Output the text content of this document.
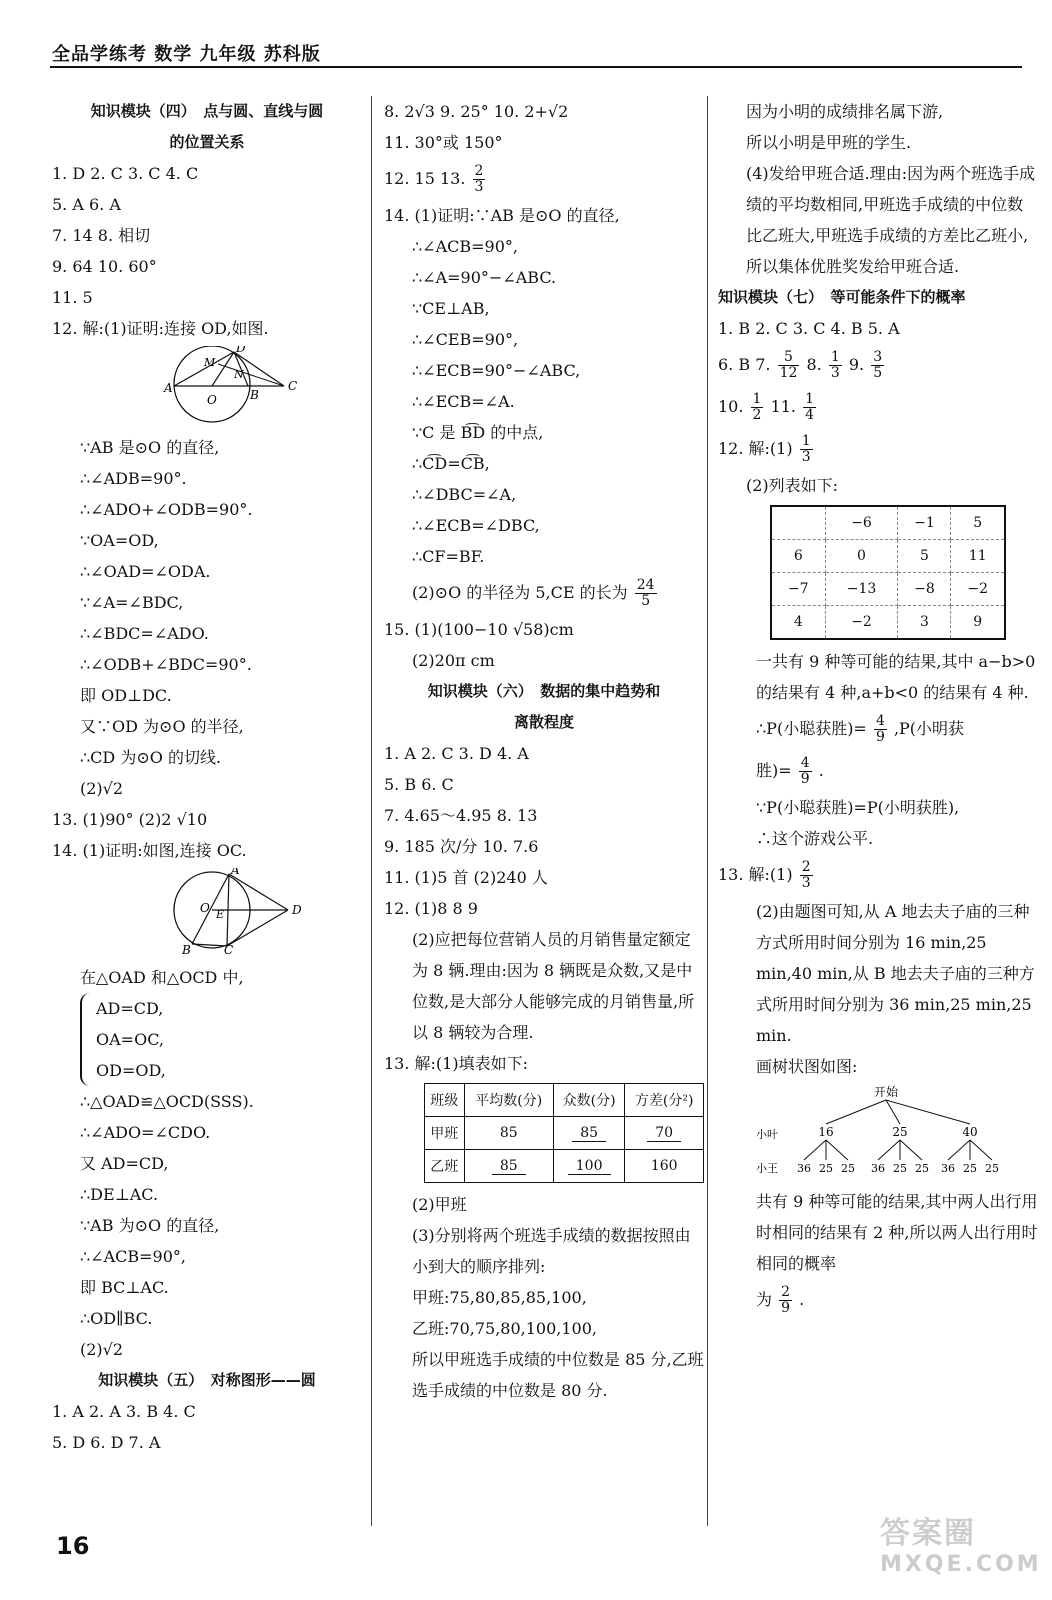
全品学练考 数学 九年级 苏科版
知识模块（四）　点与圆、直线与圆
的位置关系
1. D 2. C 3. C 4. C
5. A 6. A
7. 14 8. 相切
9. 64 10. 60°
11. 5
12. 解:(1)证明:连接 OD,如图.
A
O	B
C
D
M
N
∵AB 是⊙O 的直径,
∴∠ADB=90°.
∴∠ADO+∠ODB=90°.
∵OA=OD,
∴∠OAD=∠ODA.
∵∠A=∠BDC,
∴∠BDC=∠ADO.
∴∠ODB+∠BDC=90°.
即 OD⊥DC.
又∵OD 为⊙O 的半径,
∴CD 为⊙O 的切线.
(2)√2
13. (1)90° (2)2 √10
14. (1)证明:如图,连接 OC.
A
O E
B	C
D
在△OAD 和△OCD 中,
AD=CD,
OA=OC,
OD=OD,
∴△OAD≌△OCD(SSS).
∴∠ADO=∠CDO.
又 AD=CD,
∴DE⊥AC.
∵AB 为⊙O 的直径,
∴∠ACB=90°,
即 BC⊥AC.
∴OD∥BC.
(2)√2
知识模块（五）　对称图形——圆
1. A 2. A 3. B 4. C
5. D 6. D 7. A
8. 2√3 9. 25° 10. 2+√2
11. 30°或 150°
12. 15 13. $\frac{2}{3}$
14. (1)证明:∵AB 是⊙O 的直径,
∴∠ACB=90°,
∴∠A=90°−∠ABC.
∵CE⊥AB,
∴∠CEB=90°,
∴∠ECB=90°−∠ABC,
∴∠ECB=∠A.
∵C 是 B͡D 的中点,
∴C͡D=C͡B,
∴∠DBC=∠A,
∴∠ECB=∠DBC,
∴CF=BF.
(2)⊙O 的半径为 5,CE 的长为 $\frac{24}{5}$
15. (1)(100−10 √58)cm
(2)20π cm
知识模块（六）　数据的集中趋势和
离散程度
1. A 2. C 3. D 4. A
5. B 6. C
7. 4.65～4.95 8. 13
9. 185 次/分 10. 7.6
11. (1)5 首 (2)240 人
12. (1)8 8 9
(2)应把每位营销人员的月销售量定额定为 8 辆.理由:因为 8 辆既是众数,又是中位数,是大部分人能够完成的月销售量,所以 8 辆较为合理.
13. 解:(1)填表如下:
班级	平均数(分)	众数(分)	方差(分²)
甲班	85	85	70
乙班	85	100	160
(2)甲班
(3)分别将两个班选手成绩的数据按照由小到大的顺序排列:
甲班:75,80,85,85,100,
乙班:70,75,80,100,100,
所以甲班选手成绩的中位数是 85 分,乙班选手成绩的中位数是 80 分.
因为小明的成绩排名属下游,
所以小明是甲班的学生.
(4)发给甲班合适.理由:因为两个班选手成绩的平均数相同,甲班选手成绩的中位数比乙班大,甲班选手成绩的方差比乙班小,所以集体优胜奖发给甲班合适.
知识模块（七）　等可能条件下的概率
1. B 2. C 3. C 4. B 5. A
6. B 7. $\frac{5}{12} 8$. $\frac{1}{3} 9$. $\frac{3}{5}$
10. $\frac{1}{2} 11$. $\frac{1}{4}$
12. 解:(1) $\frac{1}{3}$
(2)列表如下:
	−6	−1	5
6	0	5	11
−7	−13	−8	−2
4	−2	3	9
一共有 9 种等可能的结果,其中 a−b>0 的结果有 4 种,a+b<0 的结果有 4 种.
∴P(小聪获胜)= $\frac{4}{9} ,P$(小明获
胜)= $\frac{4}{9}$ .
∵P(小聪获胜)=P(小明获胜),
∴这个游戏公平.
13. 解:(1) $\frac{2}{3}$
(2)由题图可知,从 A 地去夫子庙的三种方式所用时间分别为 16 min,25 min,40 min,从 B 地去夫子庙的三种方式所用时间分别为 36 min,25 min,25 min.
画树状图如图:
开始
小叶	16	25	40
小王 36 25 25 36 25 25 36 25 25
共有 9 种等可能的结果,其中两人出行用时相同的结果有 2 种,所以两人出行用时相同的概率
为 $\frac{2}{9}$ .
16	答案圈
MXQE.COM
